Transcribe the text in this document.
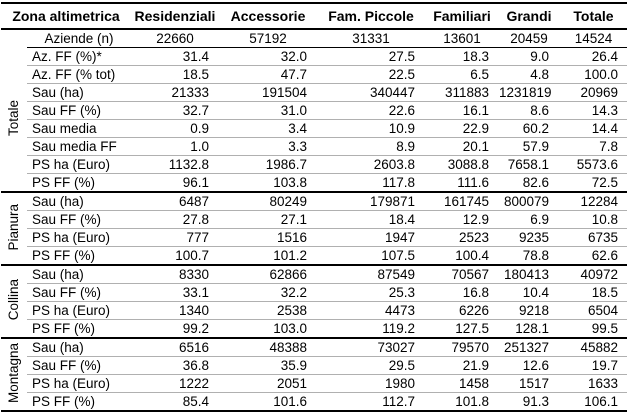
Zona altimetrica		Residenziali	Accessorie	Fam. Piccole	Familiari	Grandi	Totale
	Aziende (n)	22660	57192	31331	13601	20459	14524
Totale	Az. FF (%)*	31.4	32.0	27.5	18.3	9.0	26.4
	Az. FF (% tot)	18.5	47.7	22.5	6.5	4.8	100.0
	Sau (ha)	21333	191504	340447	311883	1231819	20969
	Sau FF (%)	32.7	31.0	22.6	16.1	8.6	14.3
	Sau media	0.9	3.4	10.9	22.9	60.2	14.4
	Sau media FF	1.0	3.3	8.9	20.1	57.9	7.8
	PS ha (Euro)	1132.8	1986.7	2603.8	3088.8	7658.1	5573.6
	PS FF (%)	96.1	103.8	117.8	111.6	82.6	72.5
Pianura	Sau (ha)	6487	80249	179871	161745	800079	12284
	Sau FF (%)	27.8	27.1	18.4	12.9	6.9	10.8
	PS ha (Euro)	777	1516	1947	2523	9235	6735
	PS FF (%)	100.7	101.2	107.5	100.4	78.8	62.6
Collina	Sau (ha)	8330	62866	87549	70567	180413	40972
	Sau FF (%)	33.1	32.2	25.3	16.8	10.4	18.5
	PS ha (Euro)	1340	2538	4473	6226	9218	6504
	PS FF (%)	99.2	103.0	119.2	127.5	128.1	99.5
Montagna	Sau (ha)	6516	48388	73027	79570	251327	45882
	Sau FF (%)	36.8	35.9	29.5	21.9	12.6	19.7
	PS ha (Euro)	1222	2051	1980	1458	1517	1633
	PS FF (%)	85.4	101.6	112.7	101.8	91.3	106.1
